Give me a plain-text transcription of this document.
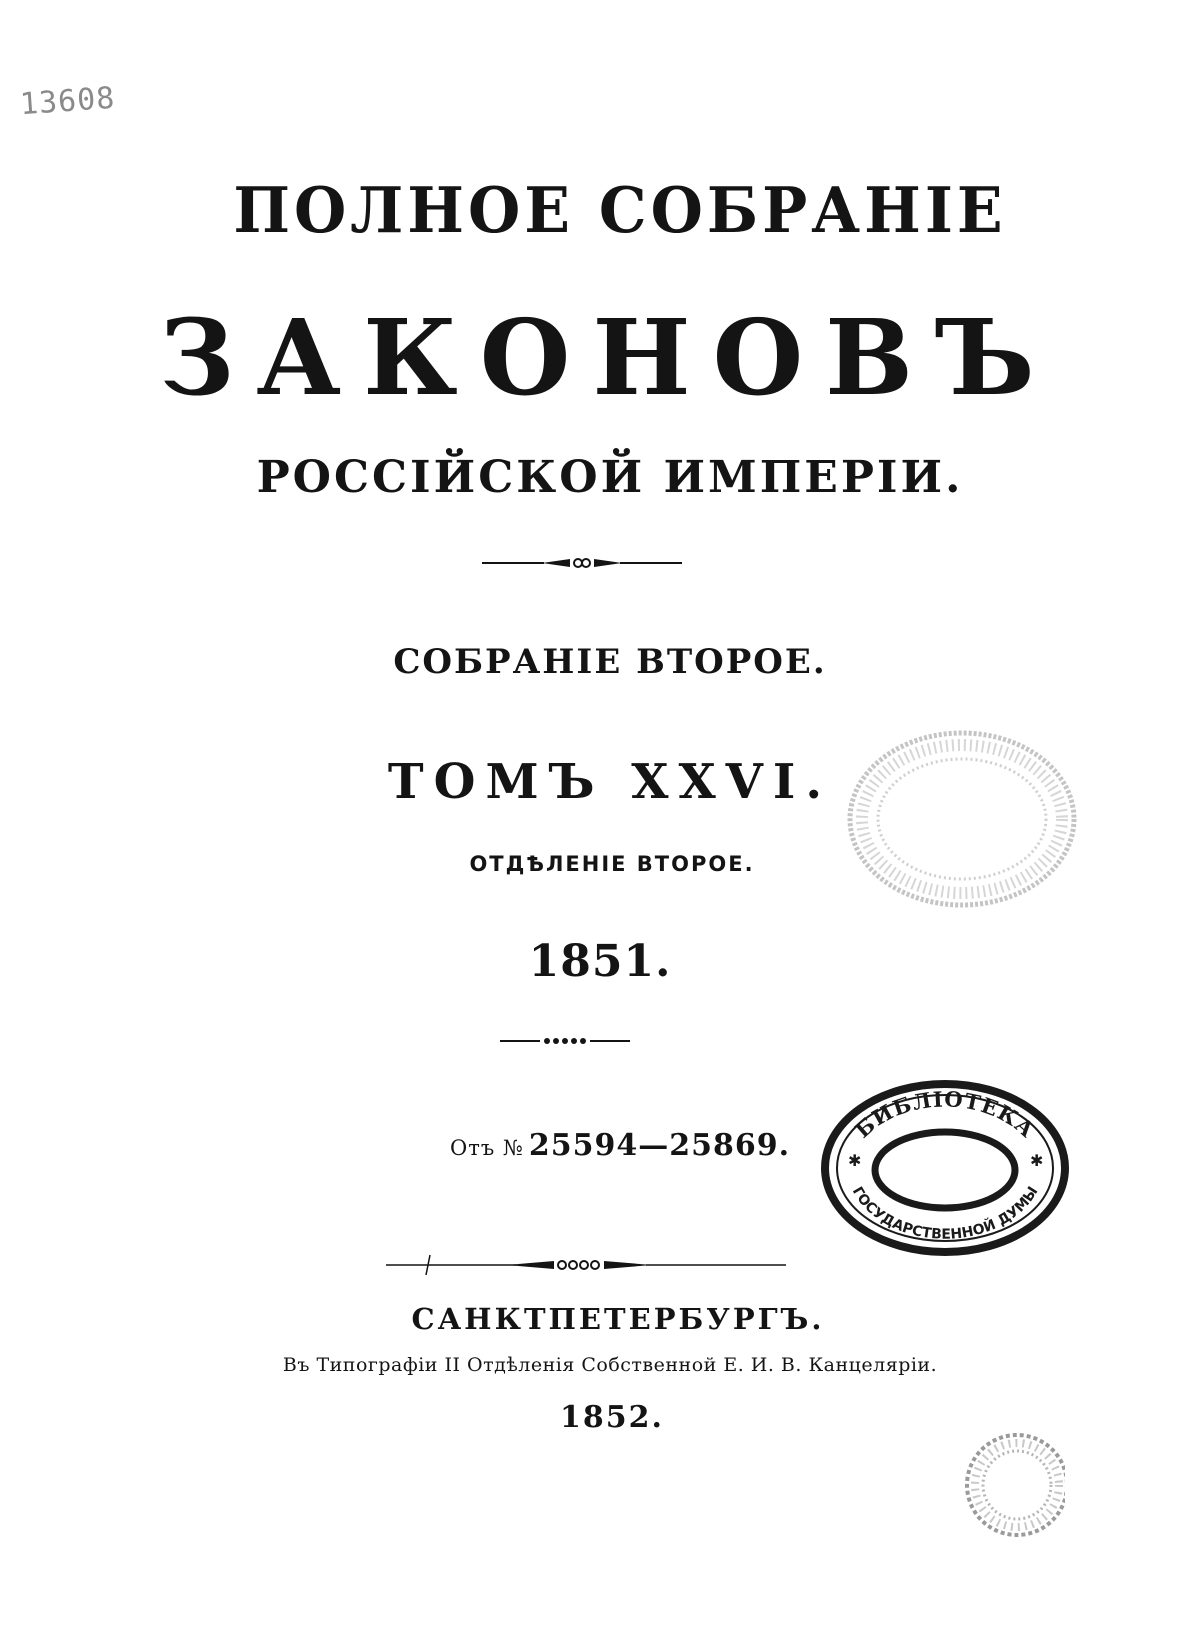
13608
ПОЛНОЕ СОБРАНІЕ
ЗАКОНОВЪ
РОССІЙСКОЙ ИМПЕРІИ.
СОБРАНІЕ ВТОРОЕ.
ТОМЪ XXVI.
ОТДѢЛЕНІЕ ВТОРОЕ.
1851.
Отъ № 25594—25869.
САНКТПЕТЕРБУРГЪ.
Въ Типографіи II Отдѣленія Собственной Е. И. В. Канцеляріи.
1852.
БИБЛІОТЕКА
ГОСУДАРСТВЕННОЙ ДУМЫ
✱	✱
